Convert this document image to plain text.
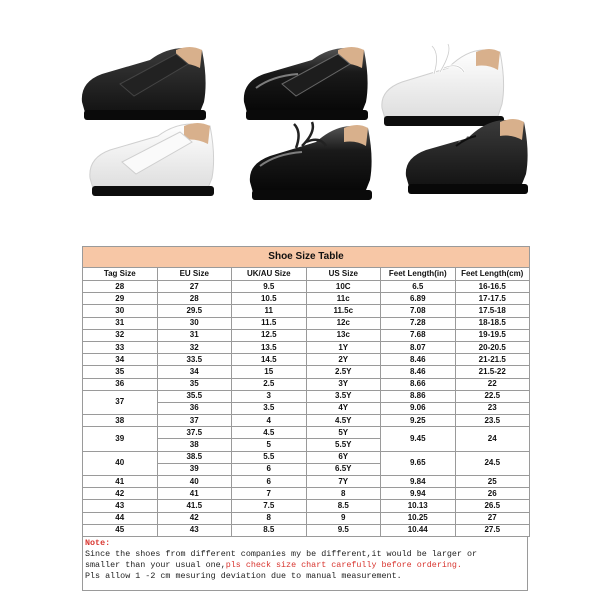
Shoe Size Table
Tag Size	EU Size	UK/AU Size	US Size	Feet Length(in)	Feet Length(cm)
28	27	9.5	10C	6.5	16-16.5
29	28	10.5	11c	6.89	17-17.5
30	29.5	11	11.5c	7.08	17.5-18
31	30	11.5	12c	7.28	18-18.5
32	31	12.5	13c	7.68	19-19.5
33	32	13.5	1Y	8.07	20-20.5
34	33.5	14.5	2Y	8.46	21-21.5
35	34	15	2.5Y	8.46	21.5-22
36	35	2.5	3Y	8.66	22
37	35.5	3	3.5Y	8.86	22.5
	36	3.5	4Y	9.06	23
38	37	4	4.5Y	9.25	23.5
39	37.5	4.5	5Y	9.45	24
	38	5	5.5Y		
40	38.5	5.5	6Y	9.65	24.5
	39	6	6.5Y		
41	40	6	7Y	9.84	25
42	41	7	8	9.94	26
43	41.5	7.5	8.5	10.13	26.5
44	42	8	9	10.25	27
45	43	8.5	9.5	10.44	27.5
Note:
Since the shoes from different companies my be different,it would be larger or
smaller than your usual one,pls check size chart carefully before ordering.
Pls allow 1 -2 cm mesuring deviation due to manual measurement.
